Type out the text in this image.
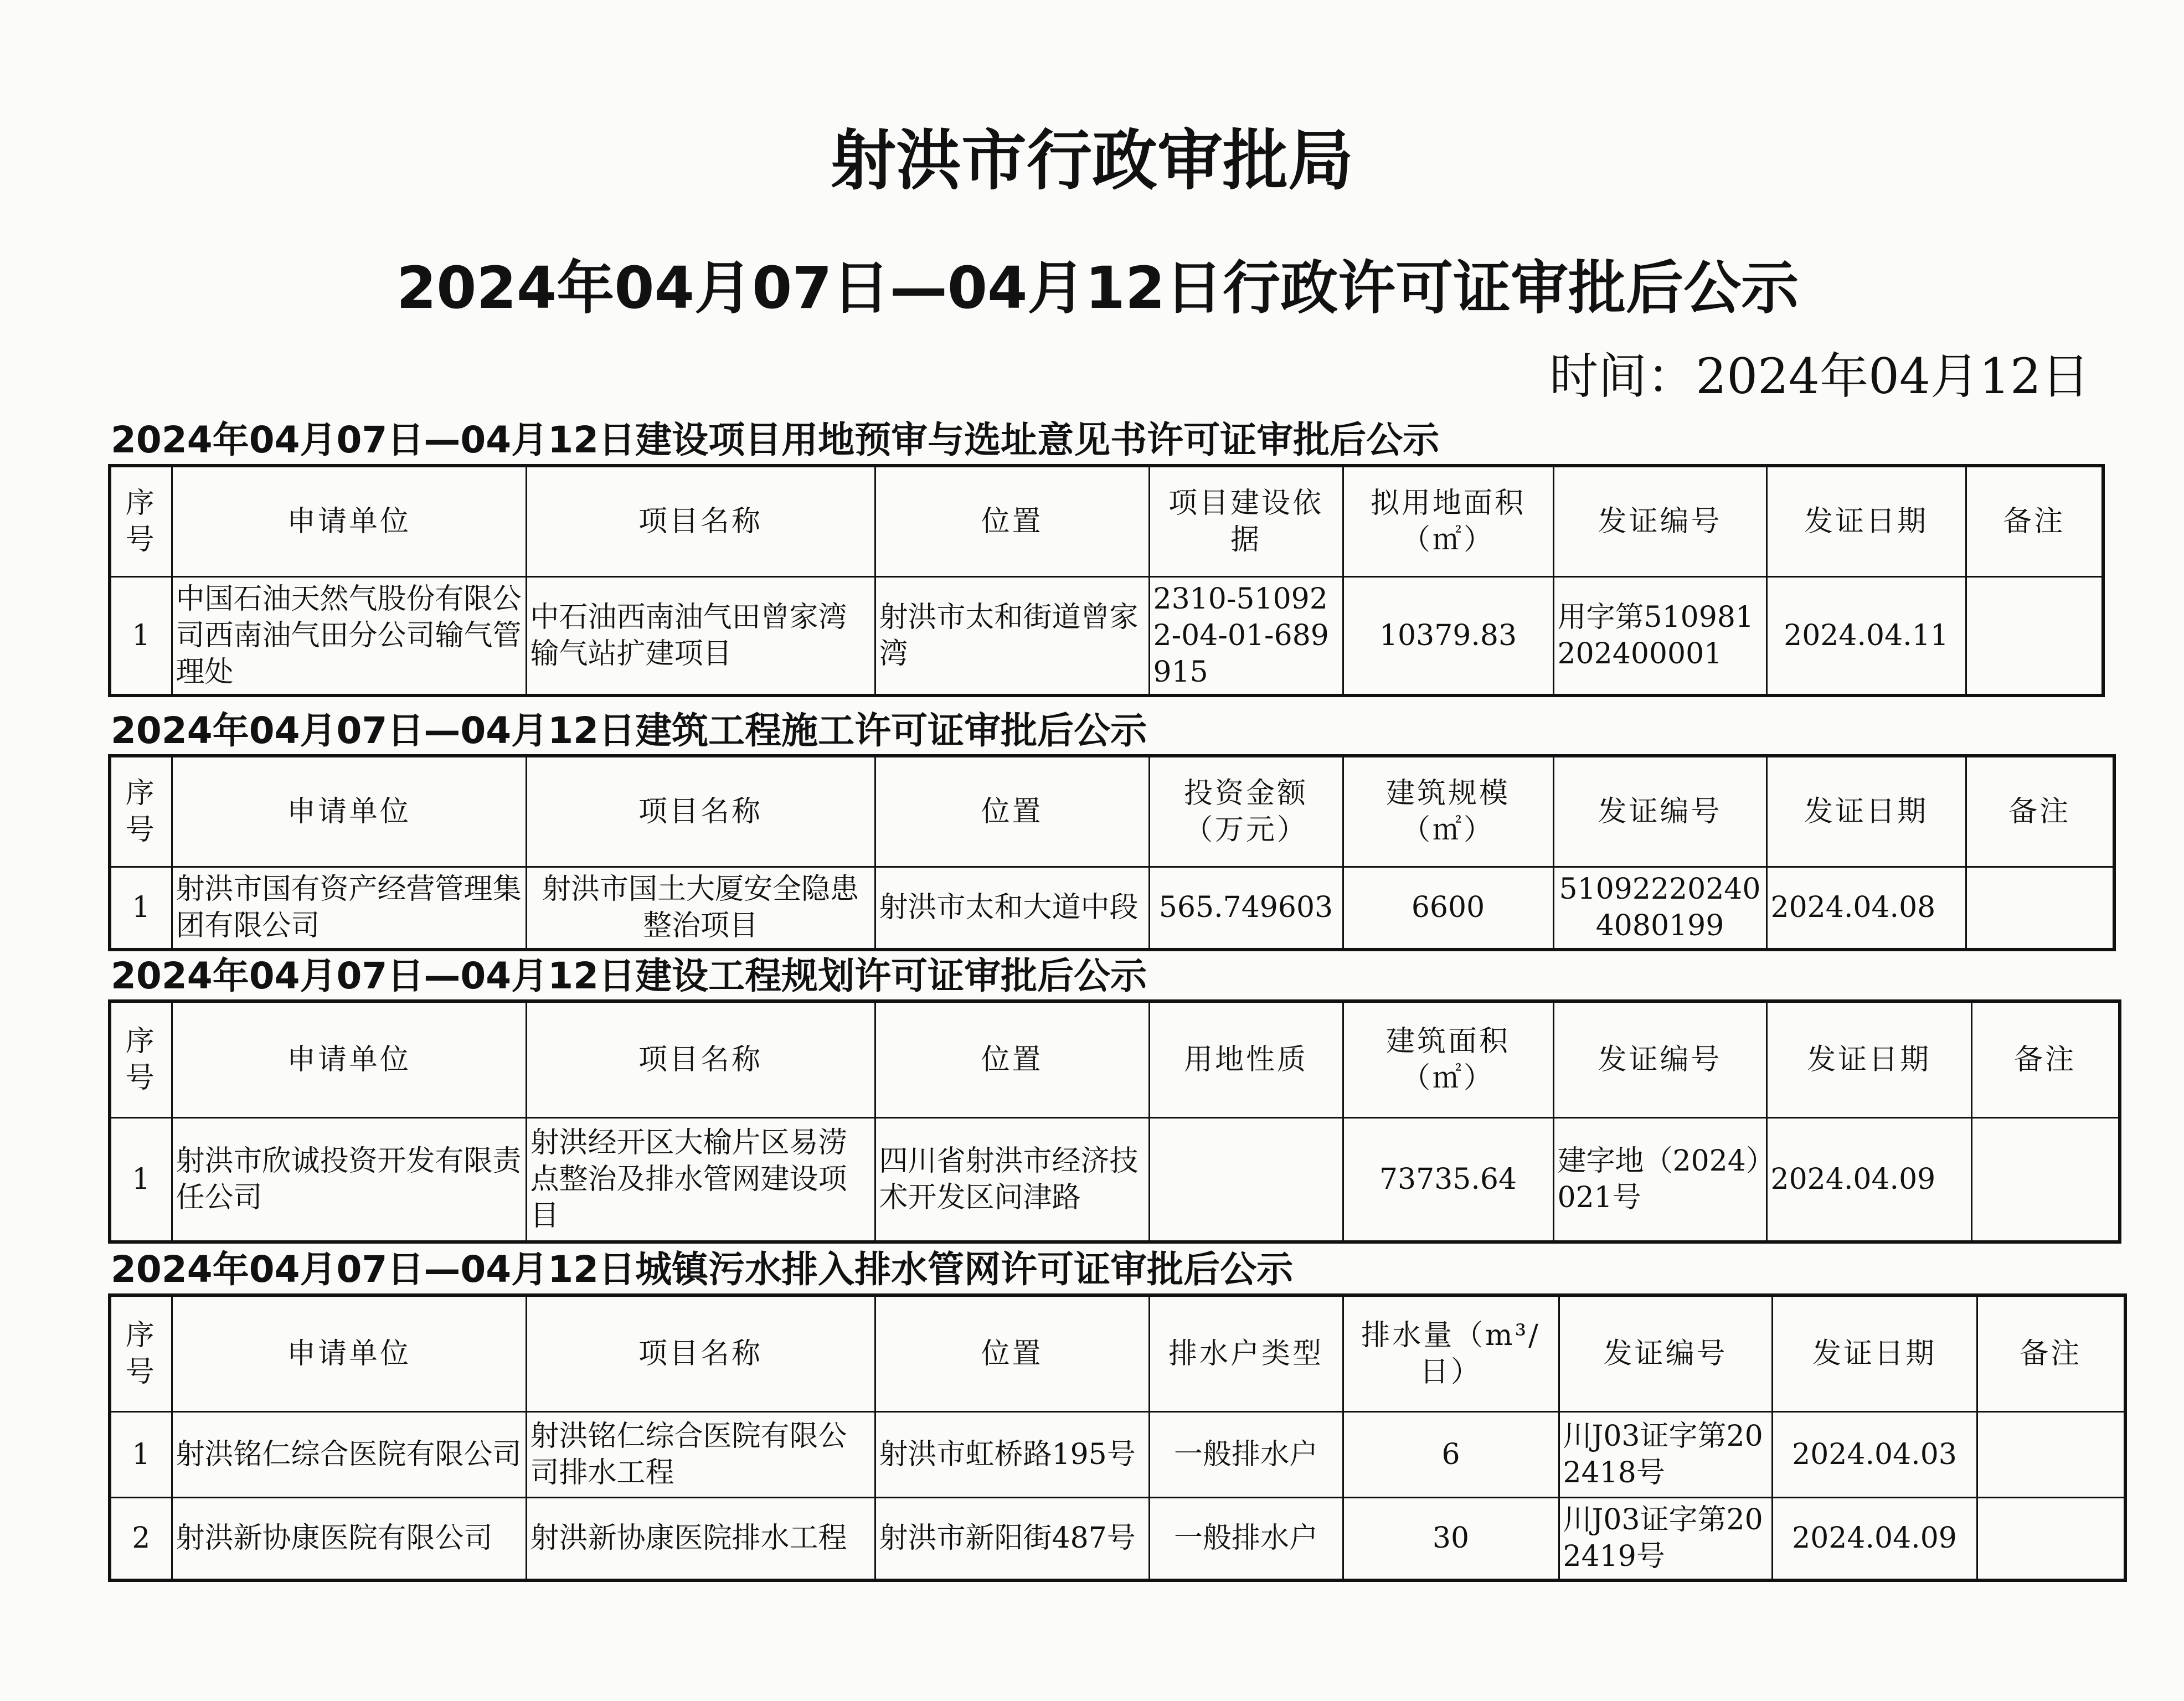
射洪市行政审批局
2024年04月07日—04月12日行政许可证审批后公示
时间：2024年04月12日
2024年04月07日—04月12日建设项目用地预审与选址意见书许可证审批后公示
序号	申请单位	项目名称	位置	项目建设依据	拟用地面积（㎡）	发证编号	发证日期	备注
1	中国石油天然气股份有限公司西南油气田分公司输气管理处	中石油西南油气田曾家湾输气站扩建项目	射洪市太和街道曾家湾	2310-510922-04-01-689915	10379.83	用字第510981202400001	2024.04.11	
2024年04月07日—04月12日建筑工程施工许可证审批后公示
序号	申请单位	项目名称	位置	投资金额（万元）	建筑规模（㎡）	发证编号	发证日期	备注
1	射洪市国有资产经营管理集团有限公司	射洪市国土大厦安全隐患整治项目	射洪市太和大道中段	565.749603	6600	510922202404080199	2024.04.08	
2024年04月07日—04月12日建设工程规划许可证审批后公示
序号	申请单位	项目名称	位置	用地性质	建筑面积（㎡）	发证编号	发证日期	备注
1	射洪市欣诚投资开发有限责任公司	射洪经开区大榆片区易涝点整治及排水管网建设项目	四川省射洪市经济技术开发区问津路		73735.64	建字地（2024）021号	2024.04.09	
2024年04月07日—04月12日城镇污水排入排水管网许可证审批后公示
序号	申请单位	项目名称	位置	排水户类型	排水量（m³/日）	发证编号	发证日期	备注
1	射洪铭仁综合医院有限公司	射洪铭仁综合医院有限公司排水工程	射洪市虹桥路195号	一般排水户	6	川J03证字第202418号	2024.04.03	
2	射洪新协康医院有限公司	射洪新协康医院排水工程	射洪市新阳街487号	一般排水户	30	川J03证字第202419号	2024.04.09	
